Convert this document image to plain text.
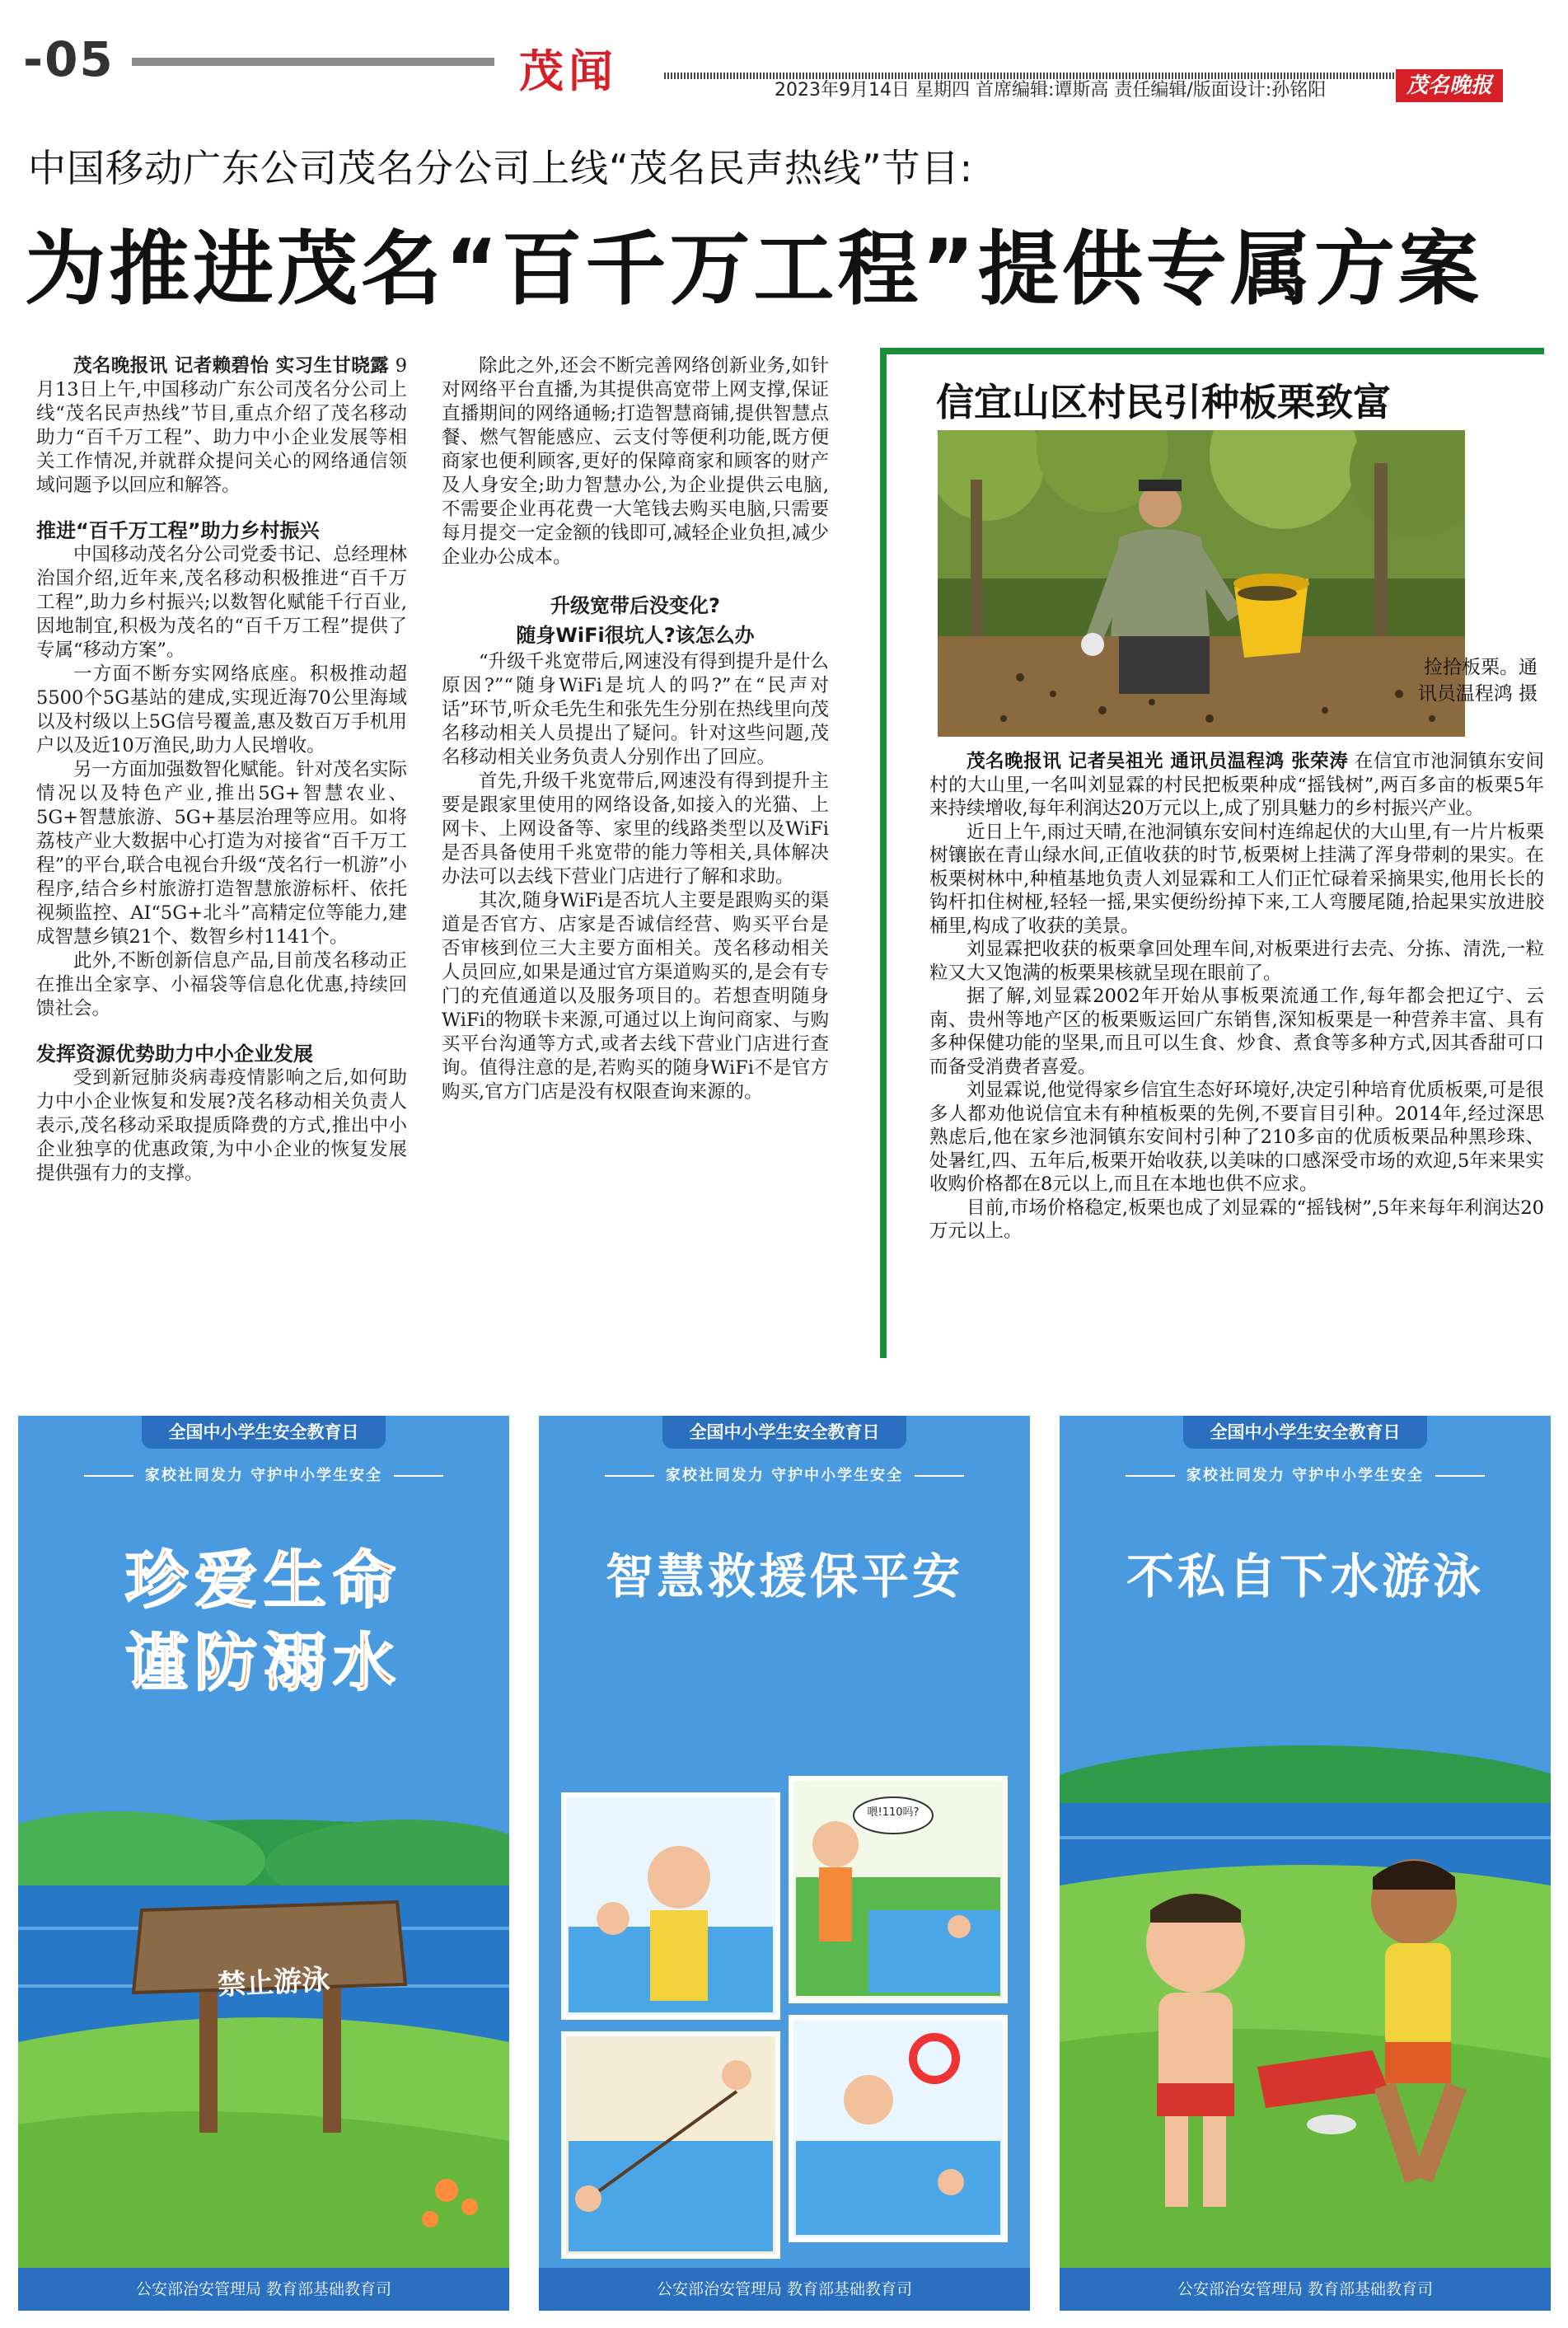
-05	茂闻	2023年9月14日 星期四 首席编辑:谭斯高 责任编辑/版面设计:孙铭阳	茂名晚报
中国移动广东公司茂名分公司上线“茂名民声热线”节目:
为推进茂名“百千万工程”提供专属方案

茂名晚报讯 记者赖碧怡 实习生甘晓露 9月13日上午,中国移动广东公司茂名分公司上线“茂名民声热线”节目,重点介绍了茂名移动助力“百千万工程”、助力中小企业发展等相关工作情况,并就群众提问关心的网络通信领域问题予以回应和解答。

推进“百千万工程”助力乡村振兴

中国移动茂名分公司党委书记、总经理林治国介绍,近年来,茂名移动积极推进“百千万工程”,助力乡村振兴;以数智化赋能千行百业,因地制宜,积极为茂名的“百千万工程”提供了专属“移动方案”。

一方面不断夯实网络底座。积极推动超5500个5G基站的建成,实现近海70公里海域以及村级以上5G信号覆盖,惠及数百万手机用户以及近10万渔民,助力人民增收。

另一方面加强数智化赋能。针对茂名实际情况以及特色产业,推出5G+智慧农业、5G+智慧旅游、5G+基层治理等应用。如将荔枝产业大数据中心打造为对接省“百千万工程”的平台,联合电视台升级“茂名行一机游”小程序,结合乡村旅游打造智慧旅游标杆、依托视频监控、AI“5G+北斗”高精定位等能力,建成智慧乡镇21个、数智乡村1141个。

此外,不断创新信息产品,目前茂名移动正在推出全家享、小福袋等信息化优惠,持续回馈社会。

发挥资源优势助力中小企业发展

受到新冠肺炎病毒疫情影响之后,如何助力中小企业恢复和发展?茂名移动相关负责人表示,茂名移动采取提质降费的方式,推出中小企业独享的优惠政策,为中小企业的恢复发展提供强有力的支撑。

除此之外,还会不断完善网络创新业务,如针对网络平台直播,为其提供高宽带上网支撑,保证直播期间的网络通畅;打造智慧商铺,提供智慧点餐、燃气智能感应、云支付等便利功能,既方便商家也便利顾客,更好的保障商家和顾客的财产及人身安全;助力智慧办公,为企业提供云电脑,不需要企业再花费一大笔钱去购买电脑,只需要每月提交一定金额的钱即可,减轻企业负担,减少企业办公成本。

升级宽带后没变化?
随身WiFi很坑人?该怎么办

“升级千兆宽带后,网速没有得到提升是什么原因?”“随身WiFi是坑人的吗?”在“民声对话”环节,听众毛先生和张先生分别在热线里向茂名移动相关人员提出了疑问。针对这些问题,茂名移动相关业务负责人分别作出了回应。

首先,升级千兆宽带后,网速没有得到提升主要是跟家里使用的网络设备,如接入的光猫、上网卡、上网设备等、家里的线路类型以及WiFi是否具备使用千兆宽带的能力等相关,具体解决办法可以去线下营业门店进行了解和求助。

其次,随身WiFi是否坑人主要是跟购买的渠道是否官方、店家是否诚信经营、购买平台是否审核到位三大主要方面相关。茂名移动相关人员回应,如果是通过官方渠道购买的,是会有专门的充值通道以及服务项目的。若想查明随身WiFi的物联卡来源,可通过以上询问商家、与购买平台沟通等方式,或者去线下营业门店进行查询。值得注意的是,若购买的随身WiFi不是官方购买,官方门店是没有权限查询来源的。

信宜山区村民引种板栗致富
捡拾板栗。通讯员温程鸿 摄

茂名晚报讯 记者吴祖光 通讯员温程鸿 张荣涛 在信宜市池洞镇东安间村的大山里,一名叫刘显霖的村民把板栗种成“摇钱树”,两百多亩的板栗5年来持续增收,每年利润达20万元以上,成了别具魅力的乡村振兴产业。

近日上午,雨过天晴,在池洞镇东安间村连绵起伏的大山里,有一片片板栗树镶嵌在青山绿水间,正值收获的时节,板栗树上挂满了浑身带刺的果实。在板栗树林中,种植基地负责人刘显霖和工人们正忙碌着采摘果实,他用长长的钩杆扣住树桠,轻轻一摇,果实便纷纷掉下来,工人弯腰尾随,拾起果实放进胶桶里,构成了收获的美景。

刘显霖把收获的板栗拿回处理车间,对板栗进行去壳、分拣、清洗,一粒粒又大又饱满的板栗果核就呈现在眼前了。

据了解,刘显霖2002年开始从事板栗流通工作,每年都会把辽宁、云南、贵州等地产区的板栗贩运回广东销售,深知板栗是一种营养丰富、具有多种保健功能的坚果,而且可以生食、炒食、煮食等多种方式,因其香甜可口而备受消费者喜爱。

刘显霖说,他觉得家乡信宜生态好环境好,决定引种培育优质板栗,可是很多人都劝他说信宜未有种植板栗的先例,不要盲目引种。2014年,经过深思熟虑后,他在家乡池洞镇东安间村引种了210多亩的优质板栗品种黑珍珠、处暑红,四、五年后,板栗开始收获,以美味的口感深受市场的欢迎,5年来果实收购价格都在8元以上,而且在本地也供不应求。

目前,市场价格稳定,板栗也成了刘显霖的“摇钱树”,5年来每年利润达20万元以上。

全国中小学生安全教育日
家校社同发力 守护中小学生安全
珍爱生命
谨防溺水
禁止游泳
公安部治安管理局 教育部基础教育司
全国中小学生安全教育日
家校社同发力 守护中小学生安全
智慧救援保平安
喂!110吗?
公安部治安管理局 教育部基础教育司
全国中小学生安全教育日
家校社同发力 守护中小学生安全
不私自下水游泳
公安部治安管理局 教育部基础教育司
